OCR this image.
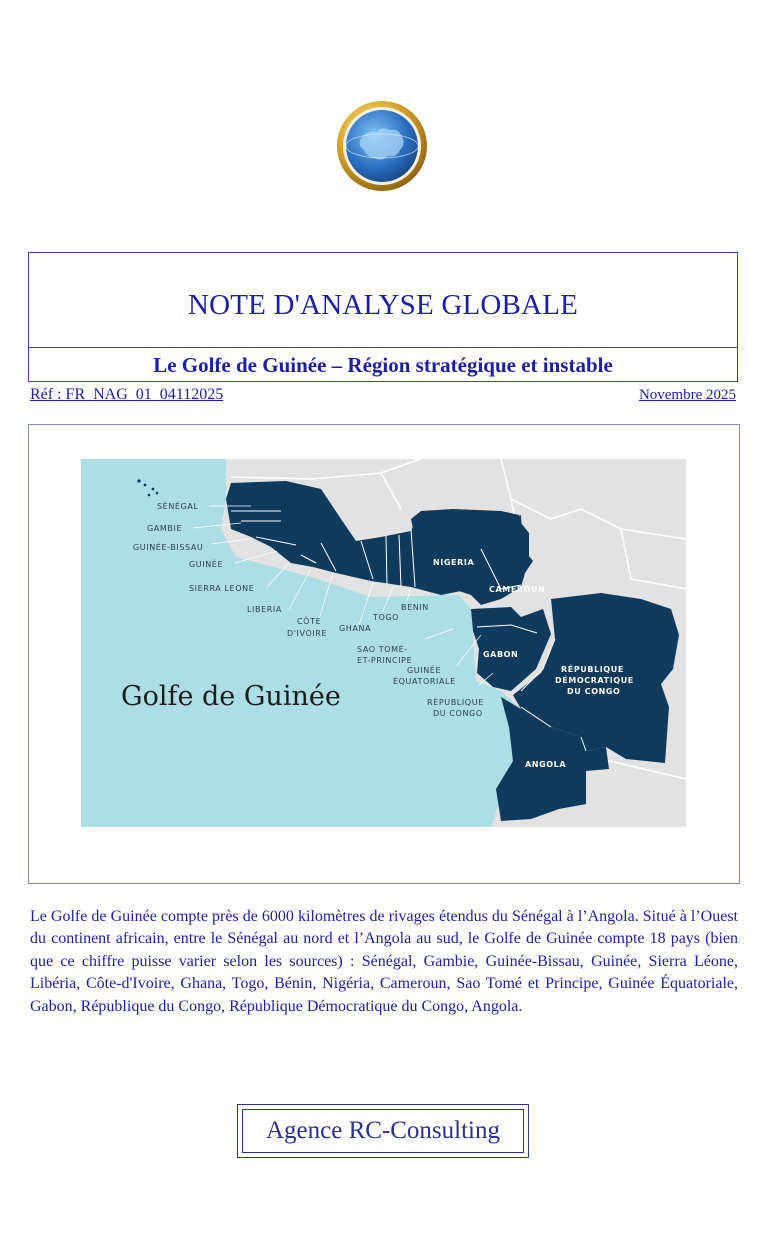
NOTE D'ANALYSE GLOBALE
Le Golfe de Guinée – Région stratégique et instable
Réf : FR_NAG_01_04112025	Novembre 2025
SÉNÉGAL
GAMBIE
GUINÉE-BISSAU
GUINÉE
SIERRA LEONE
LIBERIA
CÔTE
D'IVOIRE
GHANA
TOGO
BENIN
SAO TOMÉ-
ET-PRINCIPE
GUINÉE
ÉQUATORIALE
RÉPUBLIQUE
DU CONGO
NIGERIA
CAMEROUN
GABON
RÉPUBLIQUE
DÉMOCRATIQUE
DU CONGO
ANGOLA
Golfe de Guinée

Le Golfe de Guinée compte près de 6000 kilomètres de rivages étendus du Sénégal à l’Angola. Situé à l’Ouest du continent africain, entre le Sénégal au nord et l’Angola au sud, le Golfe de Guinée compte 18 pays (bien que ce chiffre puisse varier selon les sources) : Sénégal, Gambie, Guinée-Bissau, Guinée, Sierra Léone, Libéria, Côte-d'Ivoire, Ghana, Togo, Bénin, Nigéria, Cameroun, Sao Tomé et Principe, Guinée Équatoriale, Gabon, République du Congo, République Démocratique du Congo, Angola.

Agence RC-Consulting
